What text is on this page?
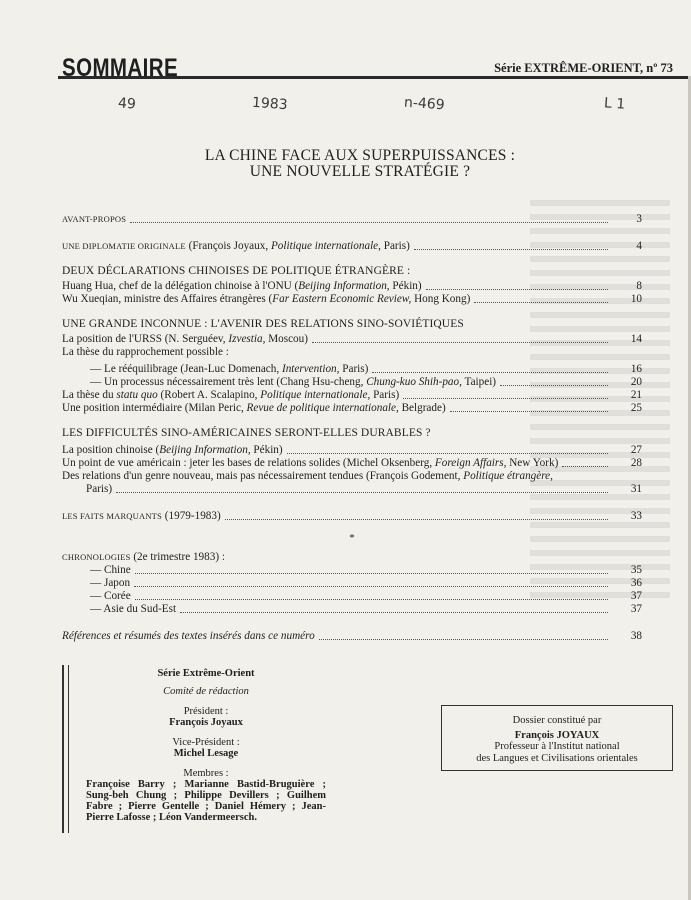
SOMMAIRE	Série EXTRÊME-ORIENT, nº 73
49	1983	n-469	L 1
LA CHINE FACE AUX SUPERPUISSANCES :
UNE NOUVELLE STRATÉGIE ?
AVANT-PROPOS	3
UNE DIPLOMATIE ORIGINALE (François Joyaux, Politique internationale, Paris)	4
DEUX DÉCLARATIONS CHINOISES DE POLITIQUE ÉTRANGÈRE :
Huang Hua, chef de la délégation chinoise à l'ONU (Beijing Information, Pékin)	8
Wu Xueqian, ministre des Affaires étrangères (Far Eastern Economic Review, Hong Kong)	10
UNE GRANDE INCONNUE : L'AVENIR DES RELATIONS SINO-SOVIÉTIQUES
La position de l'URSS (N. Serguéev, Izvestia, Moscou)	14
La thèse du rapprochement possible :
— Le rééquilibrage (Jean-Luc Domenach, Intervention, Paris)	16
— Un processus nécessairement très lent (Chang Hsu-cheng, Chung-kuo Shih-pao, Taipei)	20
La thèse du statu quo (Robert A. Scalapino, Politique internationale, Paris)	21
Une position intermédiaire (Milan Peric, Revue de politique internationale, Belgrade)	25
LES DIFFICULTÉS SINO-AMÉRICAINES SERONT-ELLES DURABLES ?
La position chinoise (Beijing Information, Pékin)	27
Un point de vue américain : jeter les bases de relations solides (Michel Oksenberg, Foreign Affairs, New York)	28
Des relations d'un genre nouveau, mais pas nécessairement tendues (François Godement, Politique étrangère,
Paris)	31
LES FAITS MARQUANTS (1979-1983)	33
*
CHRONOLOGIES (2e trimestre 1983) :
— Chine	35
— Japon	36
— Corée	37
— Asie du Sud-Est	37
Références et résumés des textes insérés dans ce numéro	38

Série Extrême-Orient

Comité de rédaction

Président :

François Joyaux

Vice-Président :

Michel Lesage

Membres :

Françoise Barry ; Marianne Bastid-Bruguière ; Sung-beh Chung ; Philippe Devillers ; Guilhem Fabre ; Pierre Gentelle ; Daniel Hémery ; Jean-Pierre Lafosse ; Léon Vandermeersch.

Dossier constitué par
François JOYAUX
Professeur à l'Institut national
des Langues et Civilisations orientales
